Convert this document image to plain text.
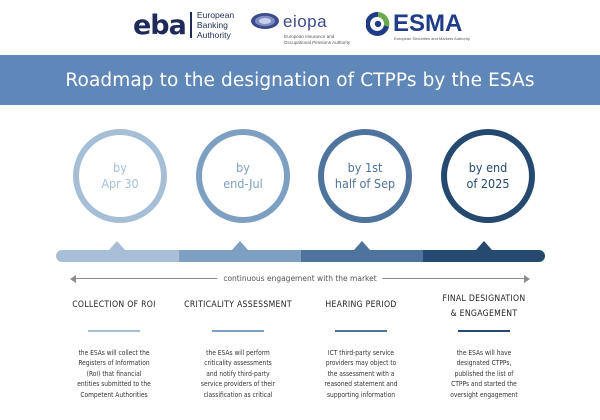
eba European
Banking
Authority
eiopa
European Insurance and
Occupational Pensions Authority
ESMA
European Securities and Markets Authority
Roadmap to the designation of CTPPs by the ESAs
by
Apr 30
by
end-Jul
by 1st
half of Sep
by end
of 2025
continuous engagement with the market
COLLECTION OF ROI
the ESAs will collect the
Registers of Information
(RoI) that financial
entities submitted to the
Competent Authorities
CRITICALITY ASSESSMENT
the ESAs will perform
criticality assessments
and notify third-party
service providers of their
classification as critical
HEARING PERIOD
ICT third-party service
providers may object to
the assessment with a
reasoned statement and
supporting information
FINAL DESIGNATION
& ENGAGEMENT
the ESAs will have
designated CTPPs,
published the list of
CTPPs and started the
oversight engagement
